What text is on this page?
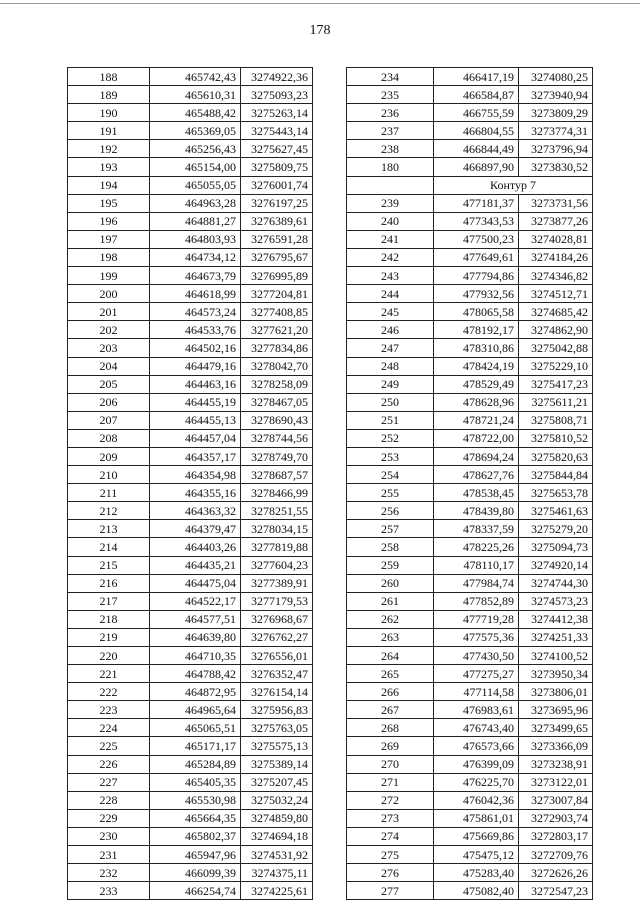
178
188	465742,43	3274922,36
189	465610,31	3275093,23
190	465488,42	3275263,14
191	465369,05	3275443,14
192	465256,43	3275627,45
193	465154,00	3275809,75
194	465055,05	3276001,74
195	464963,28	3276197,25
196	464881,27	3276389,61
197	464803,93	3276591,28
198	464734,12	3276795,67
199	464673,79	3276995,89
200	464618,99	3277204,81
201	464573,24	3277408,85
202	464533,76	3277621,20
203	464502,16	3277834,86
204	464479,16	3278042,70
205	464463,16	3278258,09
206	464455,19	3278467,05
207	464455,13	3278690,43
208	464457,04	3278744,56
209	464357,17	3278749,70
210	464354,98	3278687,57
211	464355,16	3278466,99
212	464363,32	3278251,55
213	464379,47	3278034,15
214	464403,26	3277819,88
215	464435,21	3277604,23
216	464475,04	3277389,91
217	464522,17	3277179,53
218	464577,51	3276968,67
219	464639,80	3276762,27
220	464710,35	3276556,01
221	464788,42	3276352,47
222	464872,95	3276154,14
223	464965,64	3275956,83
224	465065,51	3275763,05
225	465171,17	3275575,13
226	465284,89	3275389,14
227	465405,35	3275207,45
228	465530,98	3275032,24
229	465664,35	3274859,80
230	465802,37	3274694,18
231	465947,96	3274531,92
232	466099,39	3274375,11
233	466254,74	3274225,61
234	466417,19	3274080,25
235	466584,87	3273940,94
236	466755,59	3273809,29
237	466804,55	3273774,31
238	466844,49	3273796,94
180	466897,90	3273830,52
	Контур 7	
239	477181,37	3273731,56
240	477343,53	3273877,26
241	477500,23	3274028,81
242	477649,61	3274184,26
243	477794,86	3274346,82
244	477932,56	3274512,71
245	478065,58	3274685,42
246	478192,17	3274862,90
247	478310,86	3275042,88
248	478424,19	3275229,10
249	478529,49	3275417,23
250	478628,96	3275611,21
251	478721,24	3275808,71
252	478722,00	3275810,52
253	478694,24	3275820,63
254	478627,76	3275844,84
255	478538,45	3275653,78
256	478439,80	3275461,63
257	478337,59	3275279,20
258	478225,26	3275094,73
259	478110,17	3274920,14
260	477984,74	3274744,30
261	477852,89	3274573,23
262	477719,28	3274412,38
263	477575,36	3274251,33
264	477430,50	3274100,52
265	477275,27	3273950,34
266	477114,58	3273806,01
267	476983,61	3273695,96
268	476743,40	3273499,65
269	476573,66	3273366,09
270	476399,09	3273238,91
271	476225,70	3273122,01
272	476042,36	3273007,84
273	475861,01	3272903,74
274	475669,86	3272803,17
275	475475,12	3272709,76
276	475283,40	3272626,26
277	475082,40	3272547,23
